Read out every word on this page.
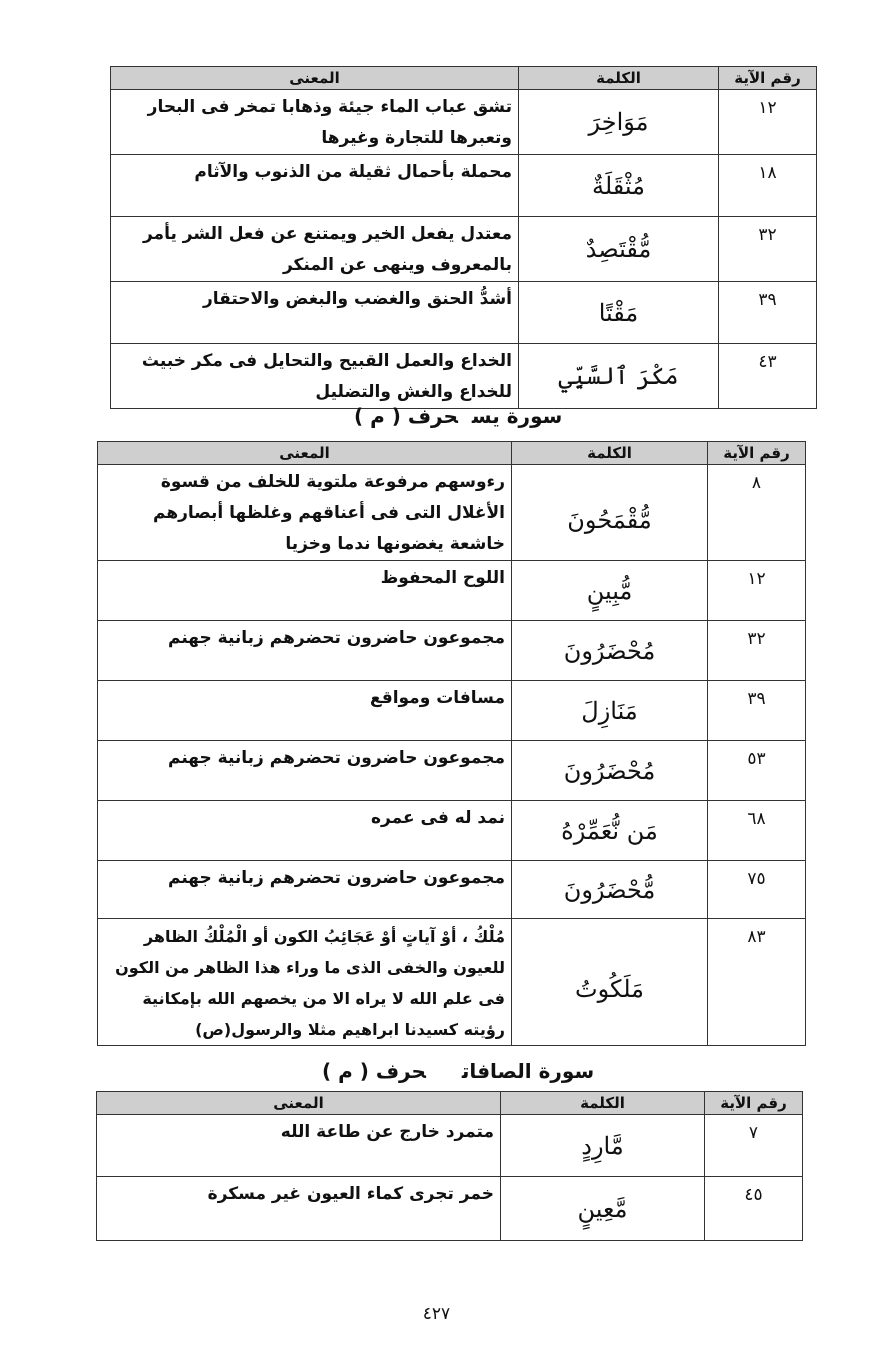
رقم الآية	الكلمة	المعنى
١٢	مَوَاخِرَ	تشق عباب الماء جيئة وذهابا تمخر فى البحار وتعبرها للتجارة وغيرها
١٨	مُثْقَلَةٌ	محملة بأحمال ثقيلة من الذنوب والآثام
٣٢	مُّقْتَصِدٌ	معتدل يفعل الخير ويمتنع عن فعل الشر يأمر بالمعروف وينهى عن المنكر
٣٩	مَقْتًا	أشدُّ الحنق والغضب والبغض والاحتقار
٤٣	مَكْرَ ٱلسَّيِّي	الخداع والعمل القبيح والتحايل فى مكر خبيث للخداع والغش والتضليل
سورة يسحرف ( م )
رقم الآية	الكلمة	المعنى
٨	مُّقْمَحُونَ	رءوسهم مرفوعة ملتوية للخلف من قسوة الأغلال التى فى أعناقهم وغلظها أبصارهم خاشعة يغضونها ندما وخزيا
١٢	مُّبِينٍ	اللوح المحفوظ
٣٢	مُحْضَرُونَ	مجموعون حاضرون تحضرهم زبانية جهنم
٣٩	مَنَازِلَ	مسافات ومواقع
٥٣	مُحْضَرُونَ	مجموعون حاضرون تحضرهم زبانية جهنم
٦٨	مَن نُّعَمِّرْهُ	نمد له فى عمره
٧٥	مُّحْضَرُونَ	مجموعون حاضرون تحضرهم زبانية جهنم
٨٣	مَلَكُوتُ	مُلْكُ ، أوْ آياتٍ أوْ عَجَائِبُ الكون أو الْمُلْكُ الظاهر للعيون والخفى الذى ما وراء هذا الظاهر من الكون فى علم الله لا يراه الا من يخصهم الله بإمكانية رؤيته كسيدنا ابراهيم مثلا والرسول(ص)
سورة الصافاتحرف ( م )
رقم الآية	الكلمة	المعنى
٧	مَّارِدٍ	متمرد خارج عن طاعة الله
٤٥	مَّعِينٍ	خمر تجرى كماء العيون غير مسكرة
٤٢٧
